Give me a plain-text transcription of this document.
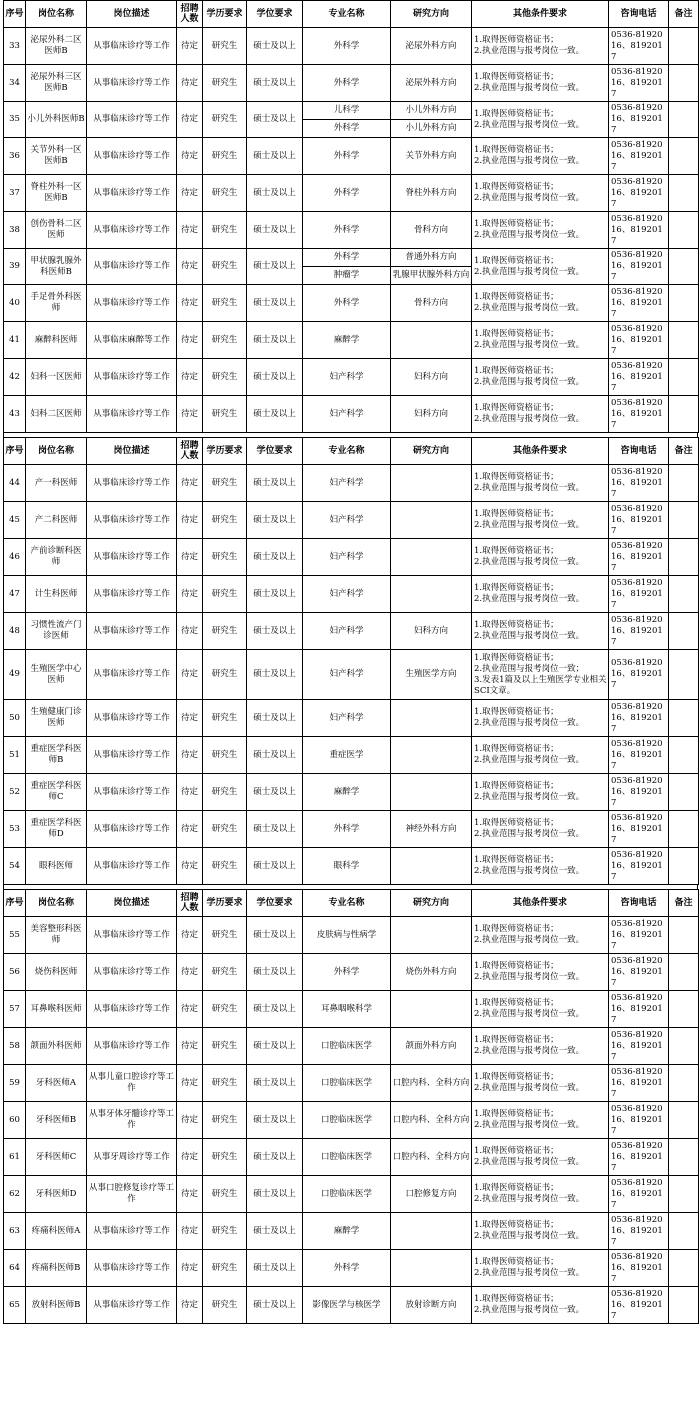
序号	岗位名称	岗位描述	招聘人数	学历要求	学位要求	专业名称	研究方向	其他条件要求	咨询电话	备注
33	泌尿外科二区医师B	从事临床诊疗等工作	待定	研究生	硕士及以上	外科学	泌尿外科方向	1.取得医师资格证书；
2.执业范围与报考岗位一致。	0536-8192016、8192017	
34	泌尿外科三区医师B	从事临床诊疗等工作	待定	研究生	硕士及以上	外科学	泌尿外科方向	1.取得医师资格证书；
2.执业范围与报考岗位一致。	0536-8192016、8192017	
35	小儿外科医师B	从事临床诊疗等工作	待定	研究生	硕士及以上	儿科学	小儿外科方向	1.取得医师资格证书；
2.执业范围与报考岗位一致。	0536-8192016、8192017	
						外科学	小儿外科方向			
36	关节外科一区医师B	从事临床诊疗等工作	待定	研究生	硕士及以上	外科学	关节外科方向	1.取得医师资格证书；
2.执业范围与报考岗位一致。	0536-8192016、8192017	
37	脊柱外科一区医师B	从事临床诊疗等工作	待定	研究生	硕士及以上	外科学	脊柱外科方向	1.取得医师资格证书；
2.执业范围与报考岗位一致。	0536-8192016、8192017	
38	创伤骨科二区医师	从事临床诊疗等工作	待定	研究生	硕士及以上	外科学	骨科方向	1.取得医师资格证书；
2.执业范围与报考岗位一致。	0536-8192016、8192017	
39	甲状腺乳腺外科医师B	从事临床诊疗等工作	待定	研究生	硕士及以上	外科学	普通外科方向	1.取得医师资格证书；
2.执业范围与报考岗位一致。	0536-8192016、8192017	
						肿瘤学	乳腺甲状腺外科方向			
40	手足骨外科医师	从事临床诊疗等工作	待定	研究生	硕士及以上	外科学	骨科方向	1.取得医师资格证书；
2.执业范围与报考岗位一致。	0536-8192016、8192017	
41	麻醉科医师	从事临床麻醉等工作	待定	研究生	硕士及以上	麻醉学		1.取得医师资格证书；
2.执业范围与报考岗位一致。	0536-8192016、8192017	
42	妇科一区医师	从事临床诊疗等工作	待定	研究生	硕士及以上	妇产科学	妇科方向	1.取得医师资格证书；
2.执业范围与报考岗位一致。	0536-8192016、8192017	
43	妇科二区医师	从事临床诊疗等工作	待定	研究生	硕士及以上	妇产科学	妇科方向	1.取得医师资格证书；
2.执业范围与报考岗位一致。	0536-8192016、8192017	
序号	岗位名称	岗位描述	招聘人数	学历要求	学位要求	专业名称	研究方向	其他条件要求	咨询电话	备注
44	产一科医师	从事临床诊疗等工作	待定	研究生	硕士及以上	妇产科学		1.取得医师资格证书；
2.执业范围与报考岗位一致。	0536-8192016、8192017	
45	产二科医师	从事临床诊疗等工作	待定	研究生	硕士及以上	妇产科学		1.取得医师资格证书；
2.执业范围与报考岗位一致。	0536-8192016、8192017	
46	产前诊断科医师	从事临床诊疗等工作	待定	研究生	硕士及以上	妇产科学		1.取得医师资格证书；
2.执业范围与报考岗位一致。	0536-8192016、8192017	
47	计生科医师	从事临床诊疗等工作	待定	研究生	硕士及以上	妇产科学		1.取得医师资格证书；
2.执业范围与报考岗位一致。	0536-8192016、8192017	
48	习惯性流产门诊医师	从事临床诊疗等工作	待定	研究生	硕士及以上	妇产科学	妇科方向	1.取得医师资格证书；
2.执业范围与报考岗位一致。	0536-8192016、8192017	
49	生殖医学中心医师	从事临床诊疗等工作	待定	研究生	硕士及以上	妇产科学	生殖医学方向	1.取得医师资格证书；
2.执业范围与报考岗位一致；
3.发表1篇及以上生殖医学专业相关SCI文章。	0536-8192016、8192017	
50	生殖健康门诊医师	从事临床诊疗等工作	待定	研究生	硕士及以上	妇产科学		1.取得医师资格证书；
2.执业范围与报考岗位一致。	0536-8192016、8192017	
51	重症医学科医师B	从事临床诊疗等工作	待定	研究生	硕士及以上	重症医学		1.取得医师资格证书；
2.执业范围与报考岗位一致。	0536-8192016、8192017	
52	重症医学科医师C	从事临床诊疗等工作	待定	研究生	硕士及以上	麻醉学		1.取得医师资格证书；
2.执业范围与报考岗位一致。	0536-8192016、8192017	
53	重症医学科医师D	从事临床诊疗等工作	待定	研究生	硕士及以上	外科学	神经外科方向	1.取得医师资格证书；
2.执业范围与报考岗位一致。	0536-8192016、8192017	
54	眼科医师	从事临床诊疗等工作	待定	研究生	硕士及以上	眼科学		1.取得医师资格证书；
2.执业范围与报考岗位一致。	0536-8192016、8192017	
序号	岗位名称	岗位描述	招聘人数	学历要求	学位要求	专业名称	研究方向	其他条件要求	咨询电话	备注
55	美容整形科医师	从事临床诊疗等工作	待定	研究生	硕士及以上	皮肤病与性病学		1.取得医师资格证书；
2.执业范围与报考岗位一致。	0536-8192016、8192017	
56	烧伤科医师	从事临床诊疗等工作	待定	研究生	硕士及以上	外科学	烧伤外科方向	1.取得医师资格证书；
2.执业范围与报考岗位一致。	0536-8192016、8192017	
57	耳鼻喉科医师	从事临床诊疗等工作	待定	研究生	硕士及以上	耳鼻咽喉科学		1.取得医师资格证书；
2.执业范围与报考岗位一致。	0536-8192016、8192017	
58	颌面外科医师	从事临床诊疗等工作	待定	研究生	硕士及以上	口腔临床医学	颌面外科方向	1.取得医师资格证书；
2.执业范围与报考岗位一致。	0536-8192016、8192017	
59	牙科医师A	从事儿童口腔诊疗等工作	待定	研究生	硕士及以上	口腔临床医学	口腔内科、全科方向	1.取得医师资格证书；
2.执业范围与报考岗位一致。	0536-8192016、8192017	
60	牙科医师B	从事牙体牙髓诊疗等工作	待定	研究生	硕士及以上	口腔临床医学	口腔内科、全科方向	1.取得医师资格证书；
2.执业范围与报考岗位一致。	0536-8192016、8192017	
61	牙科医师C	从事牙周诊疗等工作	待定	研究生	硕士及以上	口腔临床医学	口腔内科、全科方向	1.取得医师资格证书；
2.执业范围与报考岗位一致。	0536-8192016、8192017	
62	牙科医师D	从事口腔修复诊疗等工作	待定	研究生	硕士及以上	口腔临床医学	口腔修复方向	1.取得医师资格证书；
2.执业范围与报考岗位一致。	0536-8192016、8192017	
63	疼痛科医师A	从事临床诊疗等工作	待定	研究生	硕士及以上	麻醉学		1.取得医师资格证书；
2.执业范围与报考岗位一致。	0536-8192016、8192017	
64	疼痛科医师B	从事临床诊疗等工作	待定	研究生	硕士及以上	外科学		1.取得医师资格证书；
2.执业范围与报考岗位一致。	0536-8192016、8192017	
65	放射科医师B	从事临床诊疗等工作	待定	研究生	硕士及以上	影像医学与核医学	放射诊断方向	1.取得医师资格证书；
2.执业范围与报考岗位一致。	0536-8192016、8192017	
